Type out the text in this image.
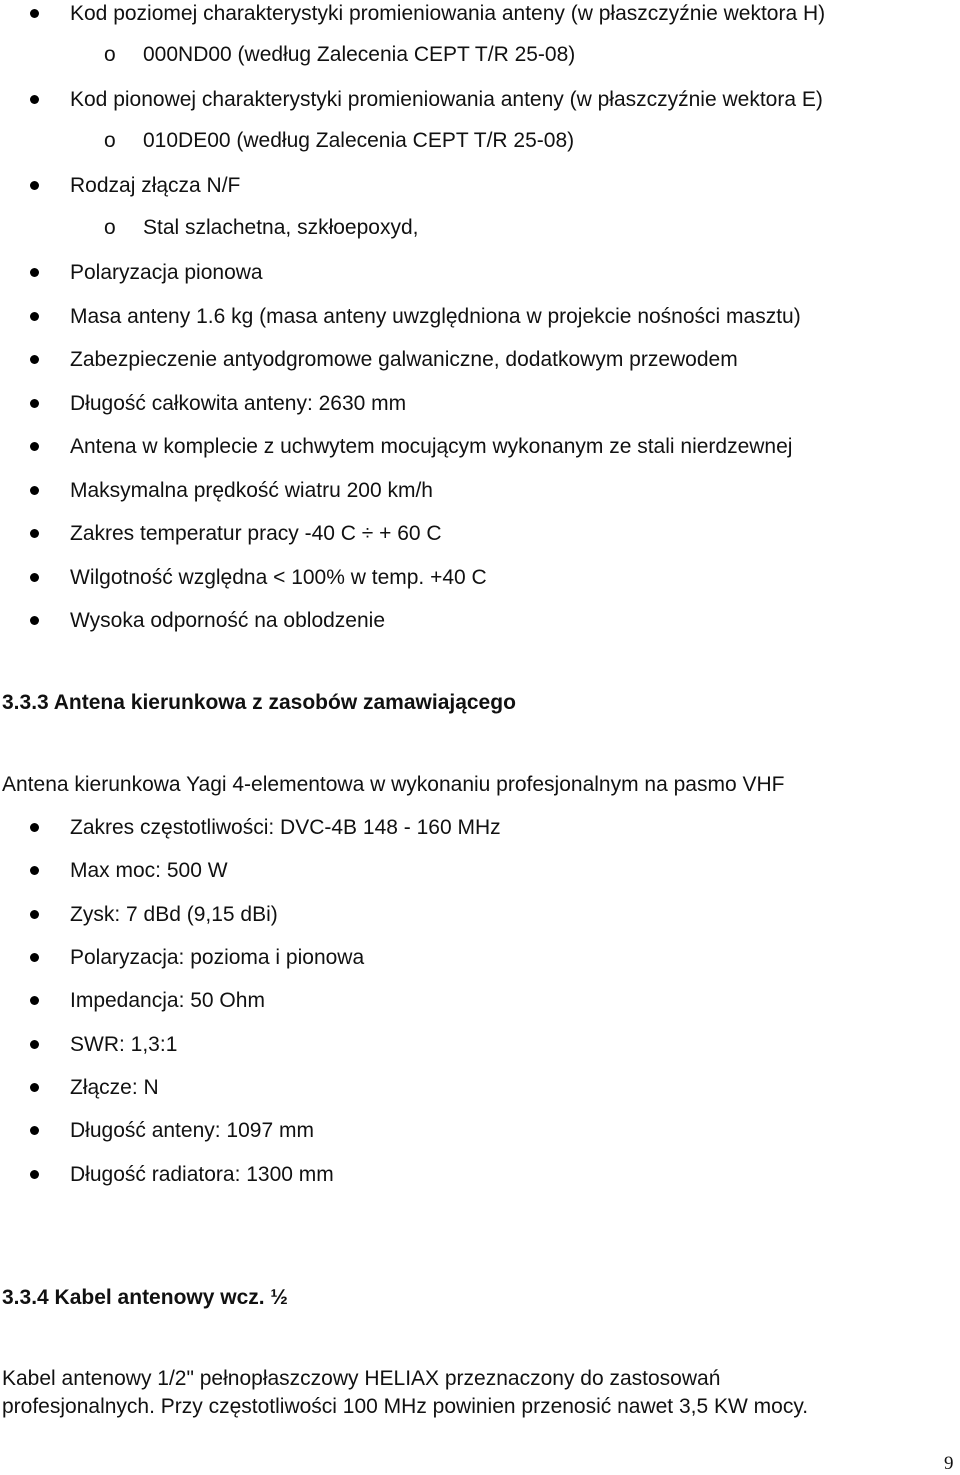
Kod poziomej charakterystyki promieniowania anteny (w płaszczyźnie wektora H)
o 000ND00 (według Zalecenia CEPT T/R 25-08)
Kod pionowej charakterystyki promieniowania anteny (w płaszczyźnie wektora E)
o 010DE00 (według Zalecenia CEPT T/R 25-08)
Rodzaj złącza N/F
o Stal szlachetna, szkłoepoxyd,
Polaryzacja pionowa
Masa anteny 1.6 kg (masa anteny uwzględniona w projekcie nośności masztu)
Zabezpieczenie antyodgromowe galwaniczne, dodatkowym przewodem
Długość całkowita anteny: 2630 mm
Antena w komplecie z uchwytem mocującym wykonanym ze stali nierdzewnej
Maksymalna prędkość wiatru 200 km/h
Zakres temperatur pracy -40 C ÷ + 60 C
Wilgotność względna < 100% w temp. +40 C
Wysoka odporność na oblodzenie
3.3.3 Antena kierunkowa z zasobów zamawiającego
Antena kierunkowa Yagi 4-elementowa w wykonaniu profesjonalnym na pasmo VHF
Zakres częstotliwości: DVC-4B 148 - 160 MHz
Max moc: 500 W
Zysk: 7 dBd (9,15 dBi)
Polaryzacja: pozioma i pionowa
Impedancja: 50 Ohm
SWR: 1,3:1
Złącze: N
Długość anteny: 1097 mm
Długość radiatora: 1300 mm
3.3.4 Kabel antenowy wcz. ½
Kabel antenowy 1/2" pełnopłaszczowy HELIAX przeznaczony do zastosowań
profesjonalnych. Przy częstotliwości 100 MHz powinien przenosić nawet 3,5 KW mocy.
9
